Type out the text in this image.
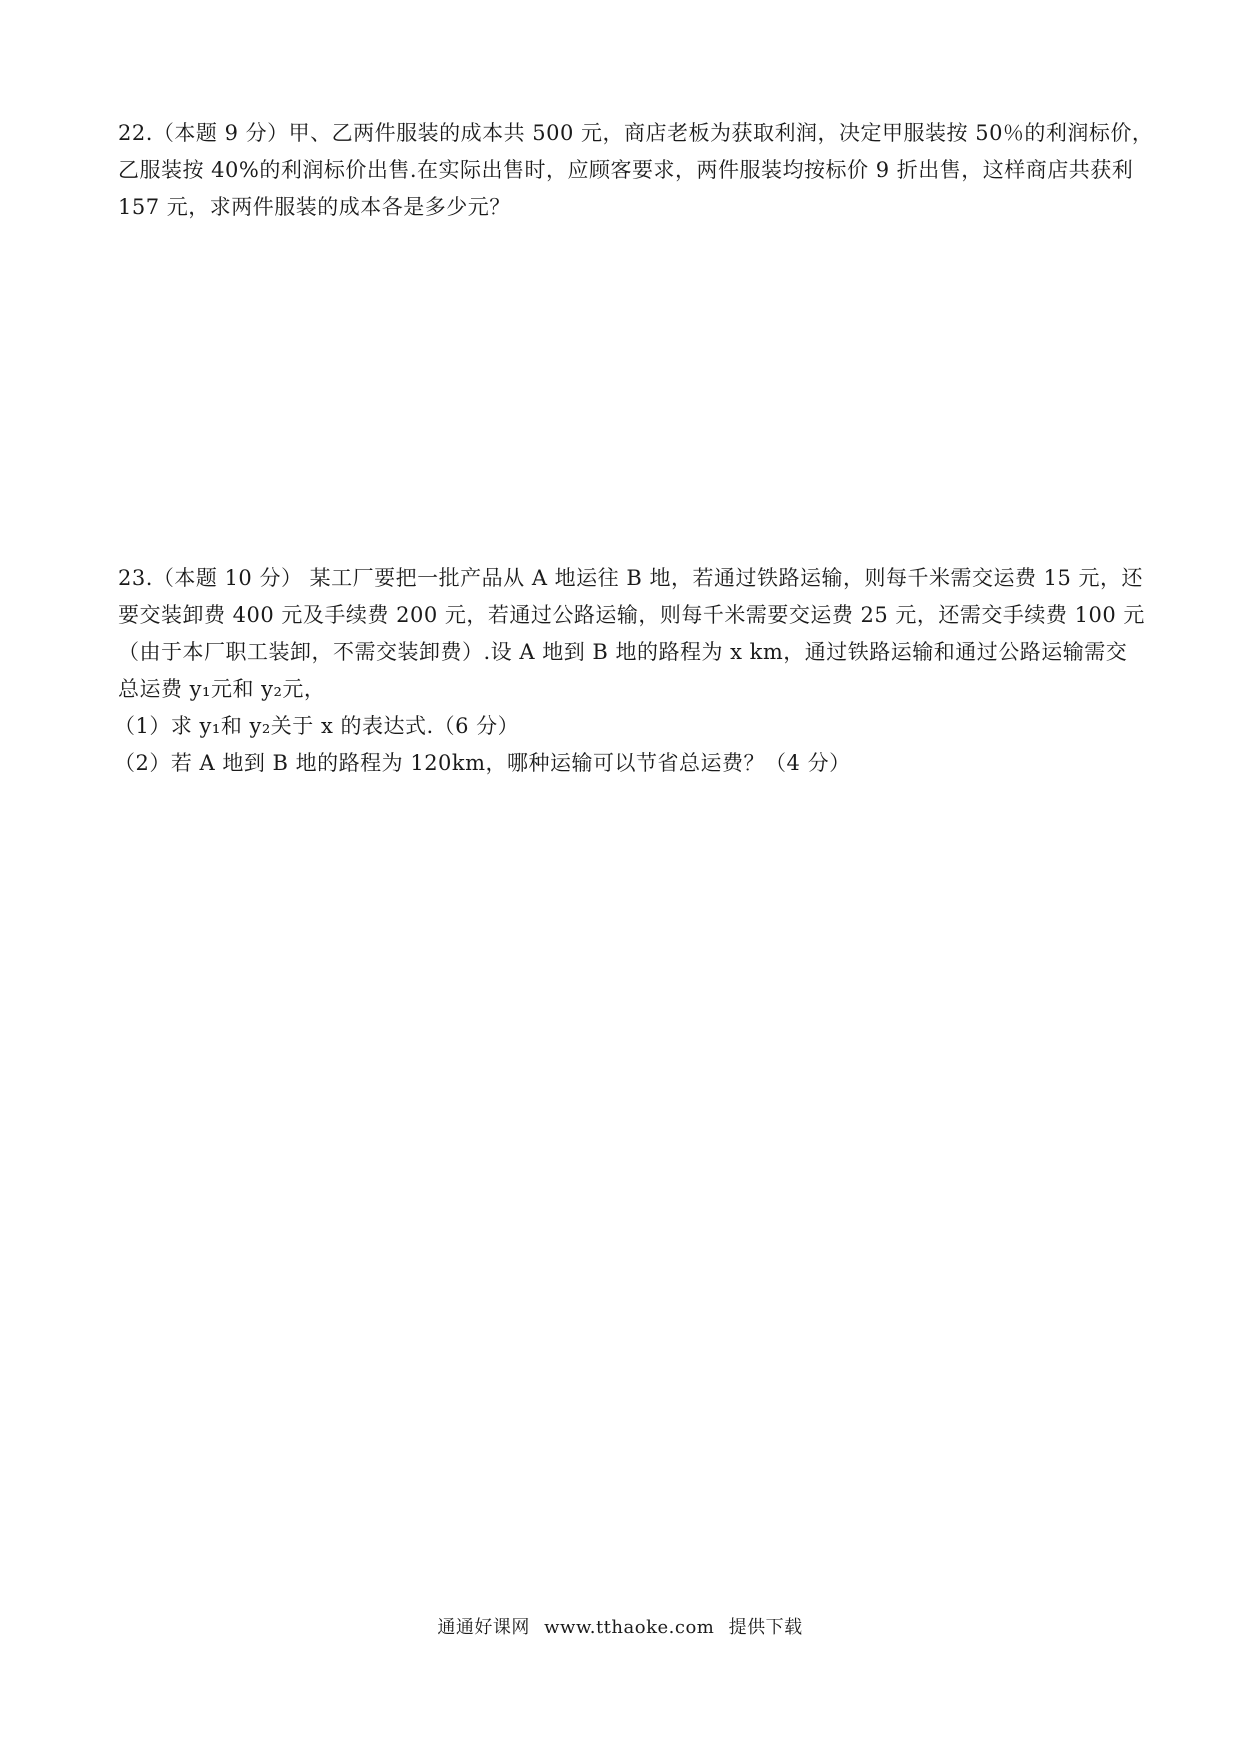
22.（本题 9 分）甲、乙两件服装的成本共 500 元，商店老板为获取利润，决定甲服装按 50％的利润标价，
乙服装按 40%的利润标价出售.在实际出售时，应顾客要求，两件服装均按标价 9 折出售，这样商店共获利
157 元，求两件服装的成本各是多少元？
23.（本题 10 分） 某工厂要把一批产品从 A 地运往 B 地，若通过铁路运输，则每千米需交运费 15 元，还
要交装卸费 400 元及手续费 200 元，若通过公路运输，则每千米需要交运费 25 元，还需交手续费 100 元
（由于本厂职工装卸，不需交装卸费）.设 A 地到 B 地的路程为 x km，通过铁路运输和通过公路运输需交
总运费 y₁元和 y₂元，
（1）求 y₁和 y₂关于 x 的表达式.（6 分）
（2）若 A 地到 B 地的路程为 120km，哪种运输可以节省总运费？（4 分）
通通好课网 www.tthaoke.com 提供下载
